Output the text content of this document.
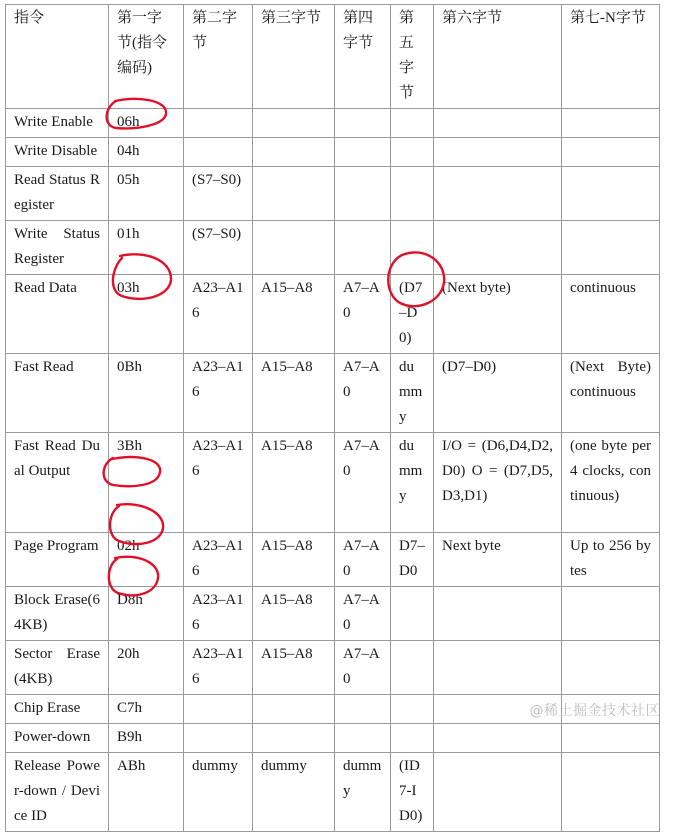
指令	第一字节(指令编码)	第二字节	第三字节	第四字节	第五字节	第六字节	第七-N字节
Write Enable	06h						
Write Disable	04h						
Read Status Register	05h	(S7–S0)					
Write Status Register	01h	(S7–S0)					
Read Data	03h	A23–A16	A15–A8	A7–A0	(D7–D0)	(Next byte)	continuous
Fast Read	0Bh	A23–A16	A15–A8	A7–A0	dummy	(D7–D0)	(Next Byte) continuous
Fast Read Dual Output	3Bh	A23–A16	A15–A8	A7–A0	dummy	I/O = (D6,D4,D2,D0) O = (D7,D5,D3,D1)	(one byte per 4 clocks, continuous)
Page Program	02h	A23–A16	A15–A8	A7–A0	D7–D0	Next byte	Up to 256 bytes
Block Erase(64KB)	D8h	A23–A16	A15–A8	A7–A0			
Sector Erase(4KB)	20h	A23–A16	A15–A8	A7–A0			
Chip Erase	C7h						
Power-down	B9h						
Release Power-down / Device ID	ABh	dummy	dummy	dummy	(ID7-ID0)		
@稀土掘金技术社区
